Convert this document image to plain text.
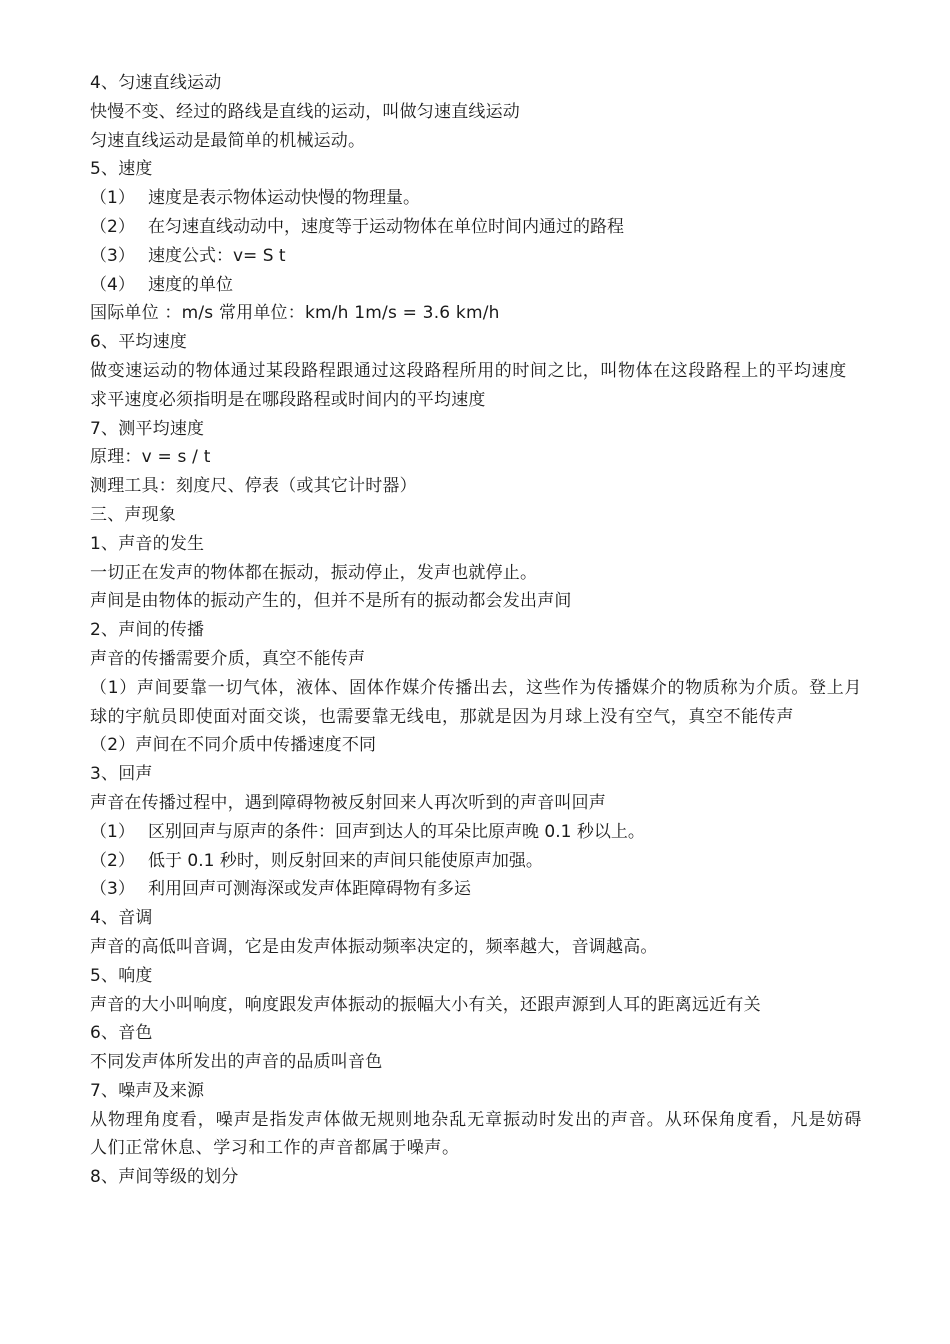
4、匀速直线运动

快慢不变、经过的路线是直线的运动，叫做匀速直线运动

匀速直线运动是最简单的机械运动。

5、速度

（1） 速度是表示物体运动快慢的物理量。
（2） 在匀速直线动动中，速度等于运动物体在单位时间内通过的路程
（3） 速度公式：v= S t
（4） 速度的单位

国际单位 ：m/s 常用单位：km/h 1m/s = 3.6 km/h

6、平均速度

做变速运动的物体通过某段路程跟通过这段路程所用的时间之比，叫物体在这段路程上的平均速度

求平速度必须指明是在哪段路程或时间内的平均速度

7、测平均速度

原理：v = s / t

测理工具：刻度尺、停表（或其它计时器）

三、声现象

1、声音的发生

一切正在发声的物体都在振动，振动停止，发声也就停止。

声间是由物体的振动产生的，但并不是所有的振动都会发出声间

2、声间的传播

声音的传播需要介质，真空不能传声

（1）声间要靠一切气体，液体、固体作媒介传播出去，这些作为传播媒介的物质称为介质。登上月球的宇航员即使面对面交谈，也需要靠无线电，那就是因为月球上没有空气，真空不能传声

（2）声间在不同介质中传播速度不同

3、回声

声音在传播过程中，遇到障碍物被反射回来人再次听到的声音叫回声

（1） 区别回声与原声的条件：回声到达人的耳朵比原声晚 0.1 秒以上。
（2） 低于 0.1 秒时，则反射回来的声间只能使原声加强。
（3） 利用回声可测海深或发声体距障碍物有多运

4、音调

声音的高低叫音调，它是由发声体振动频率决定的，频率越大，音调越高。

5、响度

声音的大小叫响度，响度跟发声体振动的振幅大小有关，还跟声源到人耳的距离远近有关

6、音色

不同发声体所发出的声音的品质叫音色

7、噪声及来源

从物理角度看，噪声是指发声体做无规则地杂乱无章振动时发出的声音。从环保角度看，凡是妨碍人们正常休息、学习和工作的声音都属于噪声。

8、声间等级的划分
